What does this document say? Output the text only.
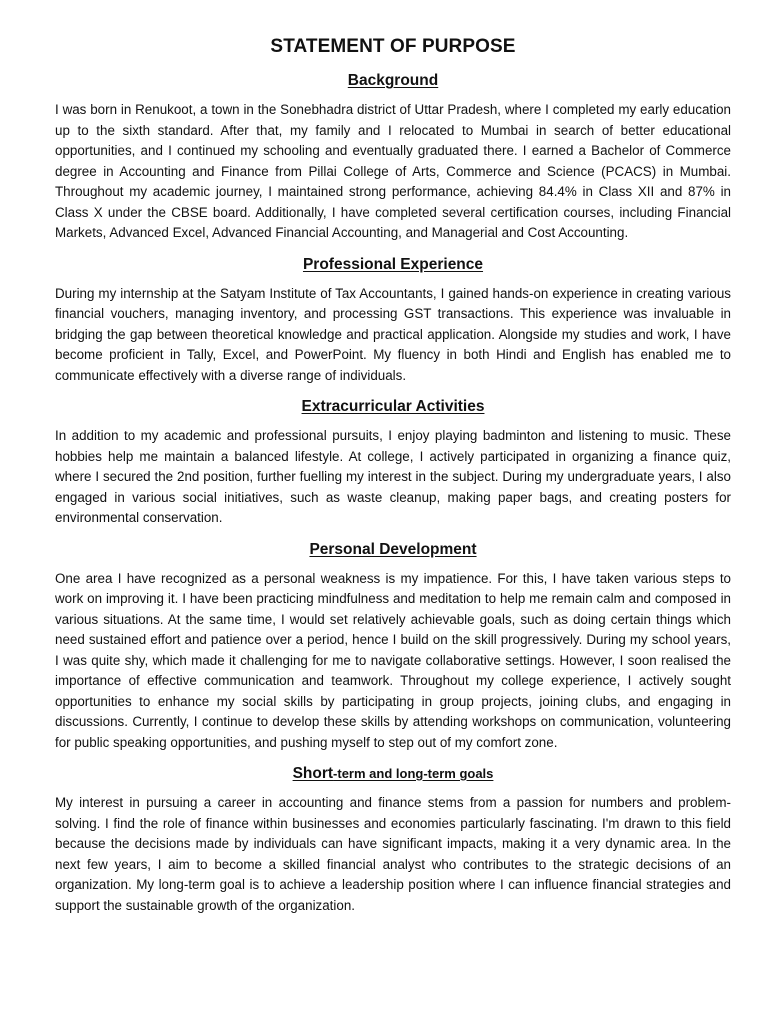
STATEMENT OF PURPOSE
Background

I was born in Renukoot, a town in the Sonebhadra district of Uttar Pradesh, where I completed my early education up to the sixth standard. After that, my family and I relocated to Mumbai in search of better educational opportunities, and I continued my schooling and eventually graduated there. I earned a Bachelor of Commerce degree in Accounting and Finance from Pillai College of Arts, Commerce and Science (PCACS) in Mumbai. Throughout my academic journey, I maintained strong performance, achieving 84.4% in Class XII and 87% in Class X under the CBSE board. Additionally, I have completed several certification courses, including Financial Markets, Advanced Excel, Advanced Financial Accounting, and Managerial and Cost Accounting.

Professional Experience

During my internship at the Satyam Institute of Tax Accountants, I gained hands-on experience in creating various financial vouchers, managing inventory, and processing GST transactions. This experience was invaluable in bridging the gap between theoretical knowledge and practical application. Alongside my studies and work, I have become proficient in Tally, Excel, and PowerPoint. My fluency in both Hindi and English has enabled me to communicate effectively with a diverse range of individuals.

Extracurricular Activities

In addition to my academic and professional pursuits, I enjoy playing badminton and listening to music. These hobbies help me maintain a balanced lifestyle. At college, I actively participated in organizing a finance quiz, where I secured the 2nd position, further fuelling my interest in the subject. During my undergraduate years, I also engaged in various social initiatives, such as waste cleanup, making paper bags, and creating posters for environmental conservation.

Personal Development

One area I have recognized as a personal weakness is my impatience. For this, I have taken various steps to work on improving it. I have been practicing mindfulness and meditation to help me remain calm and composed in various situations. At the same time, I would set relatively achievable goals, such as doing certain things which need sustained effort and patience over a period, hence I build on the skill progressively. During my school years, I was quite shy, which made it challenging for me to navigate collaborative settings. However, I soon realised the importance of effective communication and teamwork. Throughout my college experience, I actively sought opportunities to enhance my social skills by participating in group projects, joining clubs, and engaging in discussions. Currently, I continue to develop these skills by attending workshops on communication, volunteering for public speaking opportunities, and pushing myself to step out of my comfort zone.

Short-term and long-term goals

My interest in pursuing a career in accounting and finance stems from a passion for numbers and problem-solving. I find the role of finance within businesses and economies particularly fascinating. I'm drawn to this field because the decisions made by individuals can have significant impacts, making it a very dynamic area. In the next few years, I aim to become a skilled financial analyst who contributes to the strategic decisions of an organization. My long-term goal is to achieve a leadership position where I can influence financial strategies and support the sustainable growth of the organization.
